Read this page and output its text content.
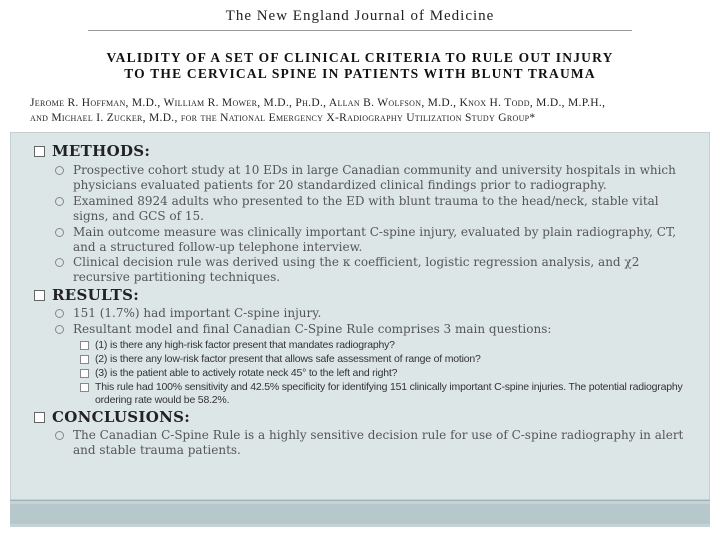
The New England Journal of Medicine
VALIDITY OF A SET OF CLINICAL CRITERIA TO RULE OUT INJURY
TO THE CERVICAL SPINE IN PATIENTS WITH BLUNT TRAUMA
Jerome R. Hoffman, M.D., William R. Mower, M.D., Ph.D., Allan B. Wolfson, M.D., Knox H. Todd, M.D., M.P.H.,
and Michael I. Zucker, M.D., for the National Emergency X-Radiography Utilization Study Group*
METHODS:
Prospective cohort study at 10 EDs in large Canadian community and university hospitals in which physicians evaluated patients for 20 standardized clinical findings prior to radiography.
Examined 8924 adults who presented to the ED with blunt trauma to the head/neck, stable vital signs, and GCS of 15.
Main outcome measure was clinically important C-spine injury, evaluated by plain radiography, CT, and a structured follow-up telephone interview.
Clinical decision rule was derived using the κ coefficient, logistic regression analysis, and χ2 recursive partitioning techniques.
RESULTS:
151 (1.7%) had important C-spine injury.
Resultant model and final Canadian C-Spine Rule comprises 3 main questions:
(1) is there any high-risk factor present that mandates radiography?
(2) is there any low-risk factor present that allows safe assessment of range of motion?
(3) is the patient able to actively rotate neck 45° to the left and right?
This rule had 100% sensitivity and 42.5% specificity for identifying 151 clinically important C-spine injuries. The potential radiography ordering rate would be 58.2%.
CONCLUSIONS:
The Canadian C-Spine Rule is a highly sensitive decision rule for use of C-spine radiography in alert and stable trauma patients.
